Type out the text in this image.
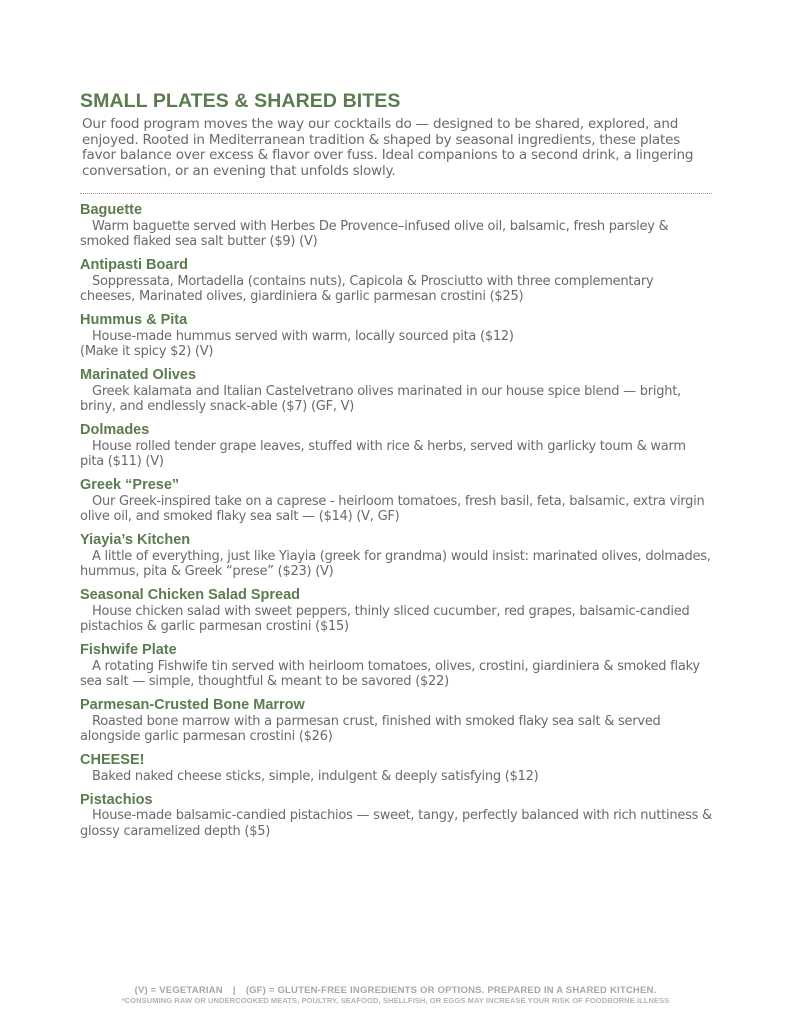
SMALL PLATES & SHARED BITES

Our food program moves the way our cocktails do — designed to be shared, explored, and enjoyed. Rooted in Mediterranean tradition & shaped by seasonal ingredients, these plates favor balance over excess & flavor over fuss. Ideal companions to a second drink, a lingering conversation, or an evening that unfolds slowly.

Baguette
Warm baguette served with Herbes De Provence–infused olive oil, balsamic, fresh parsley & smoked flaked sea salt butter ($9) (V)
Antipasti Board
Soppressata, Mortadella (contains nuts), Capicola & Prosciutto with three complementary cheeses, Marinated olives, giardiniera & garlic parmesan crostini ($25)
Hummus & Pita
House-made hummus served with warm, locally sourced pita ($12)
(Make it spicy $2) (V)
Marinated Olives
Greek kalamata and Italian Castelvetrano olives marinated in our house spice blend — bright, briny, and endlessly snack-able ($7) (GF, V)
Dolmades
House rolled tender grape leaves, stuffed with rice & herbs, served with garlicky toum & warm pita ($11) (V)
Greek “Prese”
Our Greek-inspired take on a caprese - heirloom tomatoes, fresh basil, feta, balsamic, extra virgin olive oil, and smoked flaky sea salt — ($14) (V, GF)
Yiayia’s Kitchen
A little of everything, just like Yiayia (greek for grandma) would insist: marinated olives, dolmades, hummus, pita & Greek “prese” ($23) (V)
Seasonal Chicken Salad Spread
House chicken salad with sweet peppers, thinly sliced cucumber, red grapes, balsamic-candied pistachios & garlic parmesan crostini ($15)
Fishwife Plate
A rotating Fishwife tin served with heirloom tomatoes, olives, crostini, giardiniera & smoked flaky sea salt — simple, thoughtful & meant to be savored ($22)
Parmesan-Crusted Bone Marrow
Roasted bone marrow with a parmesan crust, finished with smoked flaky sea salt & served alongside garlic parmesan crostini ($26)
CHEESE!
Baked naked cheese sticks, simple, indulgent & deeply satisfying ($12)
Pistachios
House-made balsamic-candied pistachios — sweet, tangy, perfectly balanced with rich nuttiness & glossy caramelized depth ($5)
(V) = VEGETARIAN | (GF) = GLUTEN-FREE INGREDIENTS OR OPTIONS. PREPARED IN A SHARED KITCHEN.
*CONSUMING RAW OR UNDERCOOKED MEATS, POULTRY, SEAFOOD, SHELLFISH, OR EGGS MAY INCREASE YOUR RISK OF FOODBORNE ILLNESS
